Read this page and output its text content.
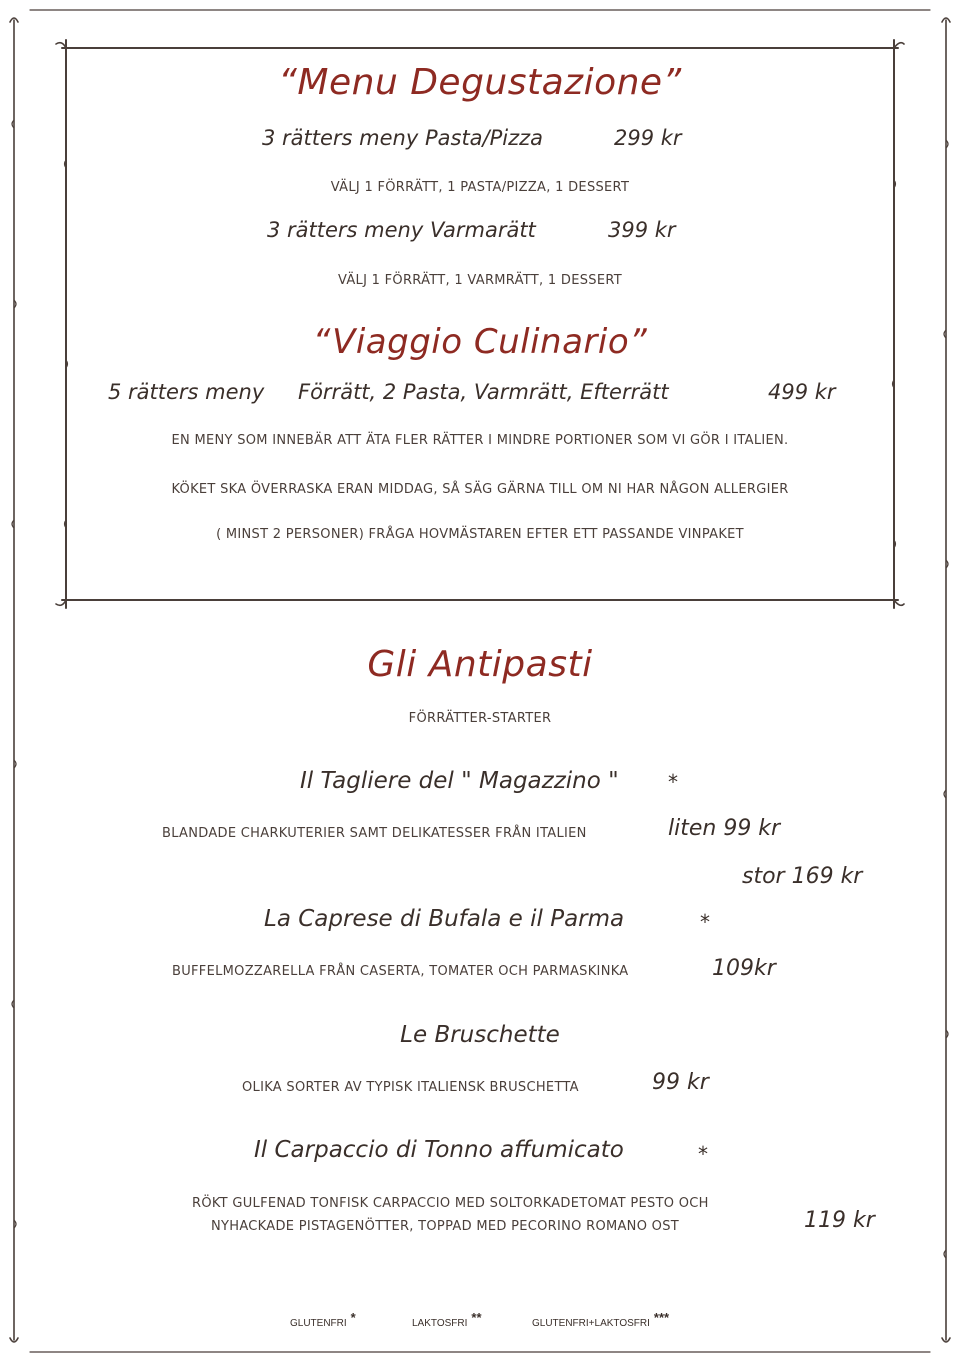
“Menu Degustazione”
3 rätters meny Pasta/Pizza	299 kr
VÄLJ 1 FÖRRÄTT, 1 PASTA/PIZZA, 1 DESSERT
3 rätters meny Varmarätt	399 kr
VÄLJ 1 FÖRRÄTT, 1 VARMRÄTT, 1 DESSERT
“Viaggio Culinario”
5 rätters meny Förrätt, 2 Pasta, Varmrätt, Efterrätt	499 kr
EN MENY SOM INNEBÄR ATT ÄTA FLER RÄTTER I MINDRE PORTIONER SOM VI GÖR I ITALIEN.
KÖKET SKA ÖVERRASKA ERAN MIDDAG, SÅ SÄG GÄRNA TILL OM NI HAR NÅGON ALLERGIER
( MINST 2 PERSONER) FRÅGA HOVMÄSTAREN EFTER ETT PASSANDE VINPAKET
Gli Antipasti
FÖRRÄTTER-STARTER
Il Tagliere del " Magazzino " *
BLANDADE CHARKUTERIER SAMT DELIKATESSER FRÅN ITALIEN	liten 99 kr
stor 169 kr
La Caprese di Bufala e il Parma	*
BUFFELMOZZARELLA FRÅN CASERTA, TOMATER OCH PARMASKINKA	109kr
Le Bruschette
OLIKA SORTER AV TYPISK ITALIENSK BRUSCHETTA	99 kr
Il Carpaccio di Tonno affumicato	*
RÖKT GULFENAD TONFISK CARPACCIO MED SOLTORKADETOMAT PESTO OCH
NYHACKADE PISTAGENÖTTER, TOPPAD MED PECORINO ROMANO OST	119 kr
GLUTENFRI *	LAKTOSFRI **	GLUTENFRI+LAKTOSFRI ***
